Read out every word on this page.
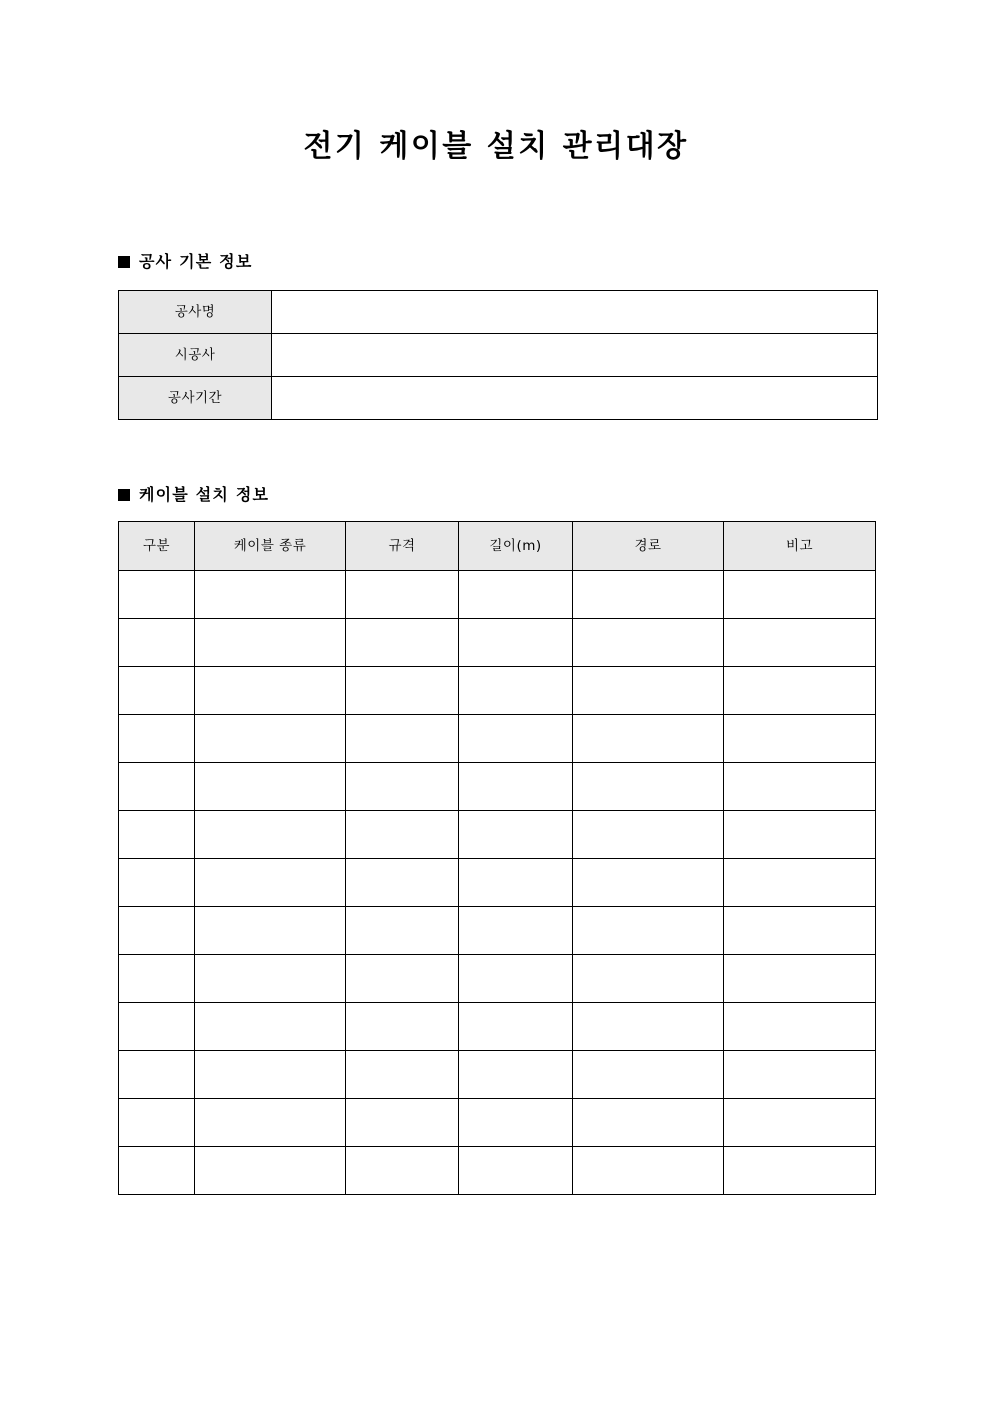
전기 케이블 설치 관리대장
공사 기본 정보
공사명	
시공사	
공사기간	
케이블 설치 정보
구분	케이블 종류	규격	길이(m)	경로	비고
